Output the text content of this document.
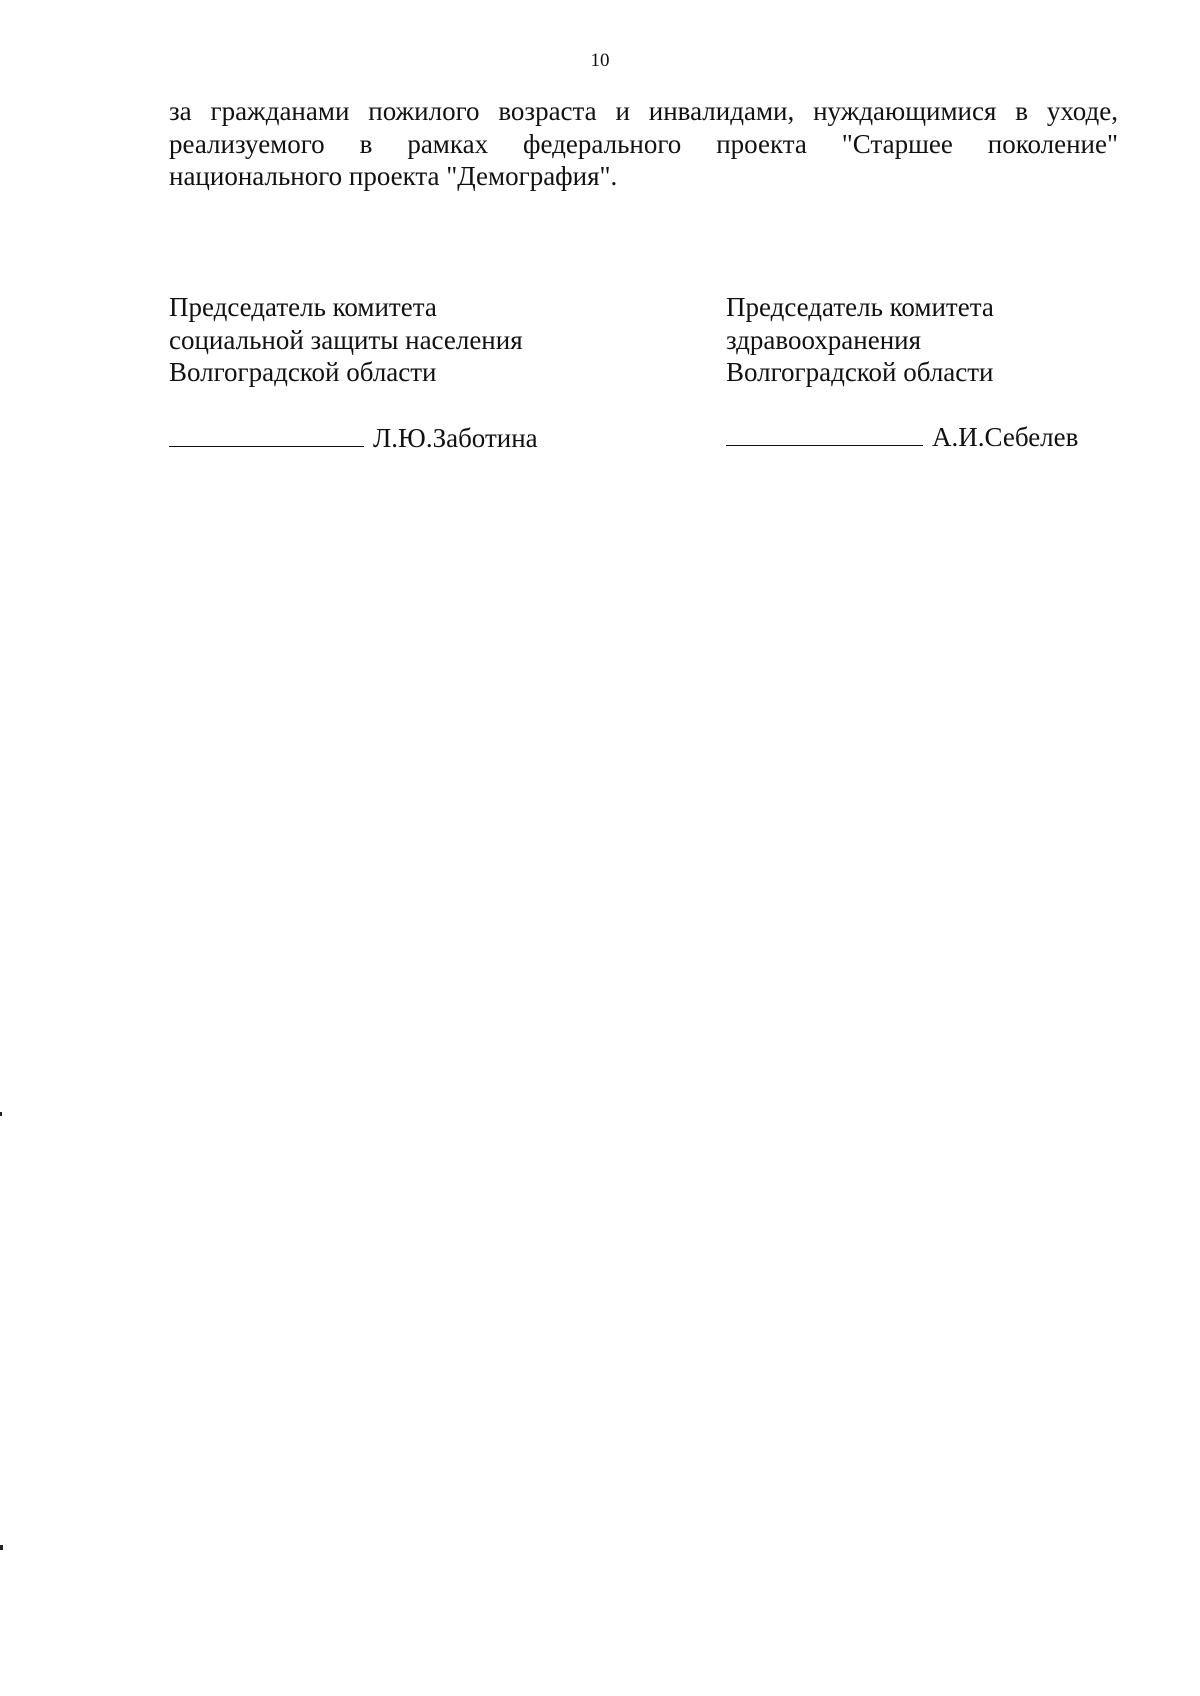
10
за гражданами пожилого возраста и инвалидами, нуждающимися в уходе,
реализуемого в рамках федерального проекта "Старшее поколение"
национального проекта "Демография".
Председатель комитета
социальной защиты населения
Волгоградской области
Председатель комитета
здравоохранения
Волгоградской области
Л.Ю.Заботина	А.И.Себелев
